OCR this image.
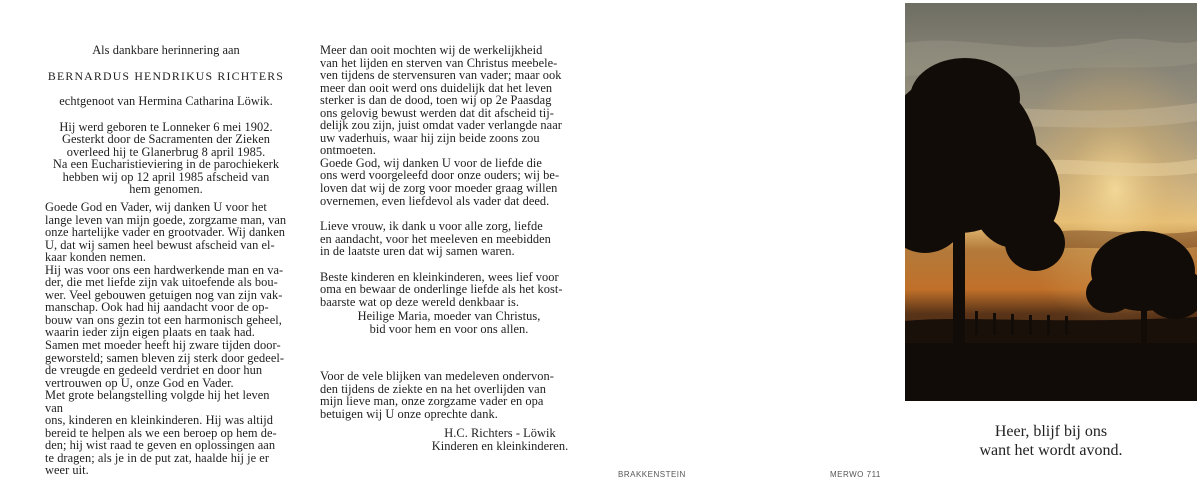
Als dankbare herinnering aan
BERNARDUS HENDRIKUS RICHTERS
echtgenoot van Hermina Catharina Löwik.
Hij werd geboren te Lonneker 6 mei 1902.
Gesterkt door de Sacramenten der Zieken
overleed hij te Glanerbrug 8 april 1985.
Na een Eucharistieviering in de parochiekerk
hebben wij op 12 april 1985 afscheid van
hem genomen.
Goede God en Vader, wij danken U voor het
lange leven van mijn goede, zorgzame man, van
onze hartelijke vader en grootvader. Wij danken
U, dat wij samen heel bewust afscheid van el-
kaar konden nemen.
Hij was voor ons een hardwerkende man en va-
der, die met liefde zijn vak uitoefende als bou-
wer. Veel gebouwen getuigen nog van zijn vak-
manschap. Ook had hij aandacht voor de op-
bouw van ons gezin tot een harmonisch geheel,
waarin ieder zijn eigen plaats en taak had.
Samen met moeder heeft hij zware tijden door-
geworsteld; samen bleven zij sterk door gedeel-
de vreugde en gedeeld verdriet en door hun
vertrouwen op U, onze God en Vader.
Met grote belangstelling volgde hij het leven van
ons, kinderen en kleinkinderen. Hij was altijd
bereid te helpen als we een beroep op hem de-
den; hij wist raad te geven en oplossingen aan
te dragen; als je in de put zat, haalde hij je er
weer uit.
Meer dan ooit mochten wij de werkelijkheid
van het lijden en sterven van Christus meebele-
ven tijdens de stervensuren van vader; maar ook
meer dan ooit werd ons duidelijk dat het leven
sterker is dan de dood, toen wij op 2e Paasdag
ons gelovig bewust werden dat dit afscheid tij-
delijk zou zijn, juist omdat vader verlangde naar
uw vaderhuis, waar hij zijn beide zoons zou
ontmoeten.
Goede God, wij danken U voor de liefde die
ons werd voorgeleefd door onze ouders; wij be-
loven dat wij de zorg voor moeder graag willen
overnemen, even liefdevol als vader dat deed.
Lieve vrouw, ik dank u voor alle zorg, liefde
en aandacht, voor het meeleven en meebidden
in de laatste uren dat wij samen waren.
Beste kinderen en kleinkinderen, wees lief voor
oma en bewaar de onderlinge liefde als het kost-
baarste wat op deze wereld denkbaar is.
Heilige Maria, moeder van Christus,
bid voor hem en voor ons allen.
Voor de vele blijken van medeleven ondervon-
den tijdens de ziekte en na het overlijden van
mijn lieve man, onze zorgzame vader en opa
betuigen wij U onze oprechte dank.
H.C. Richters - Löwik
Kinderen en kleinkinderen.
BRAKKENSTEIN	MERWO 711
Heer, blijf bij ons
want het wordt avond.
